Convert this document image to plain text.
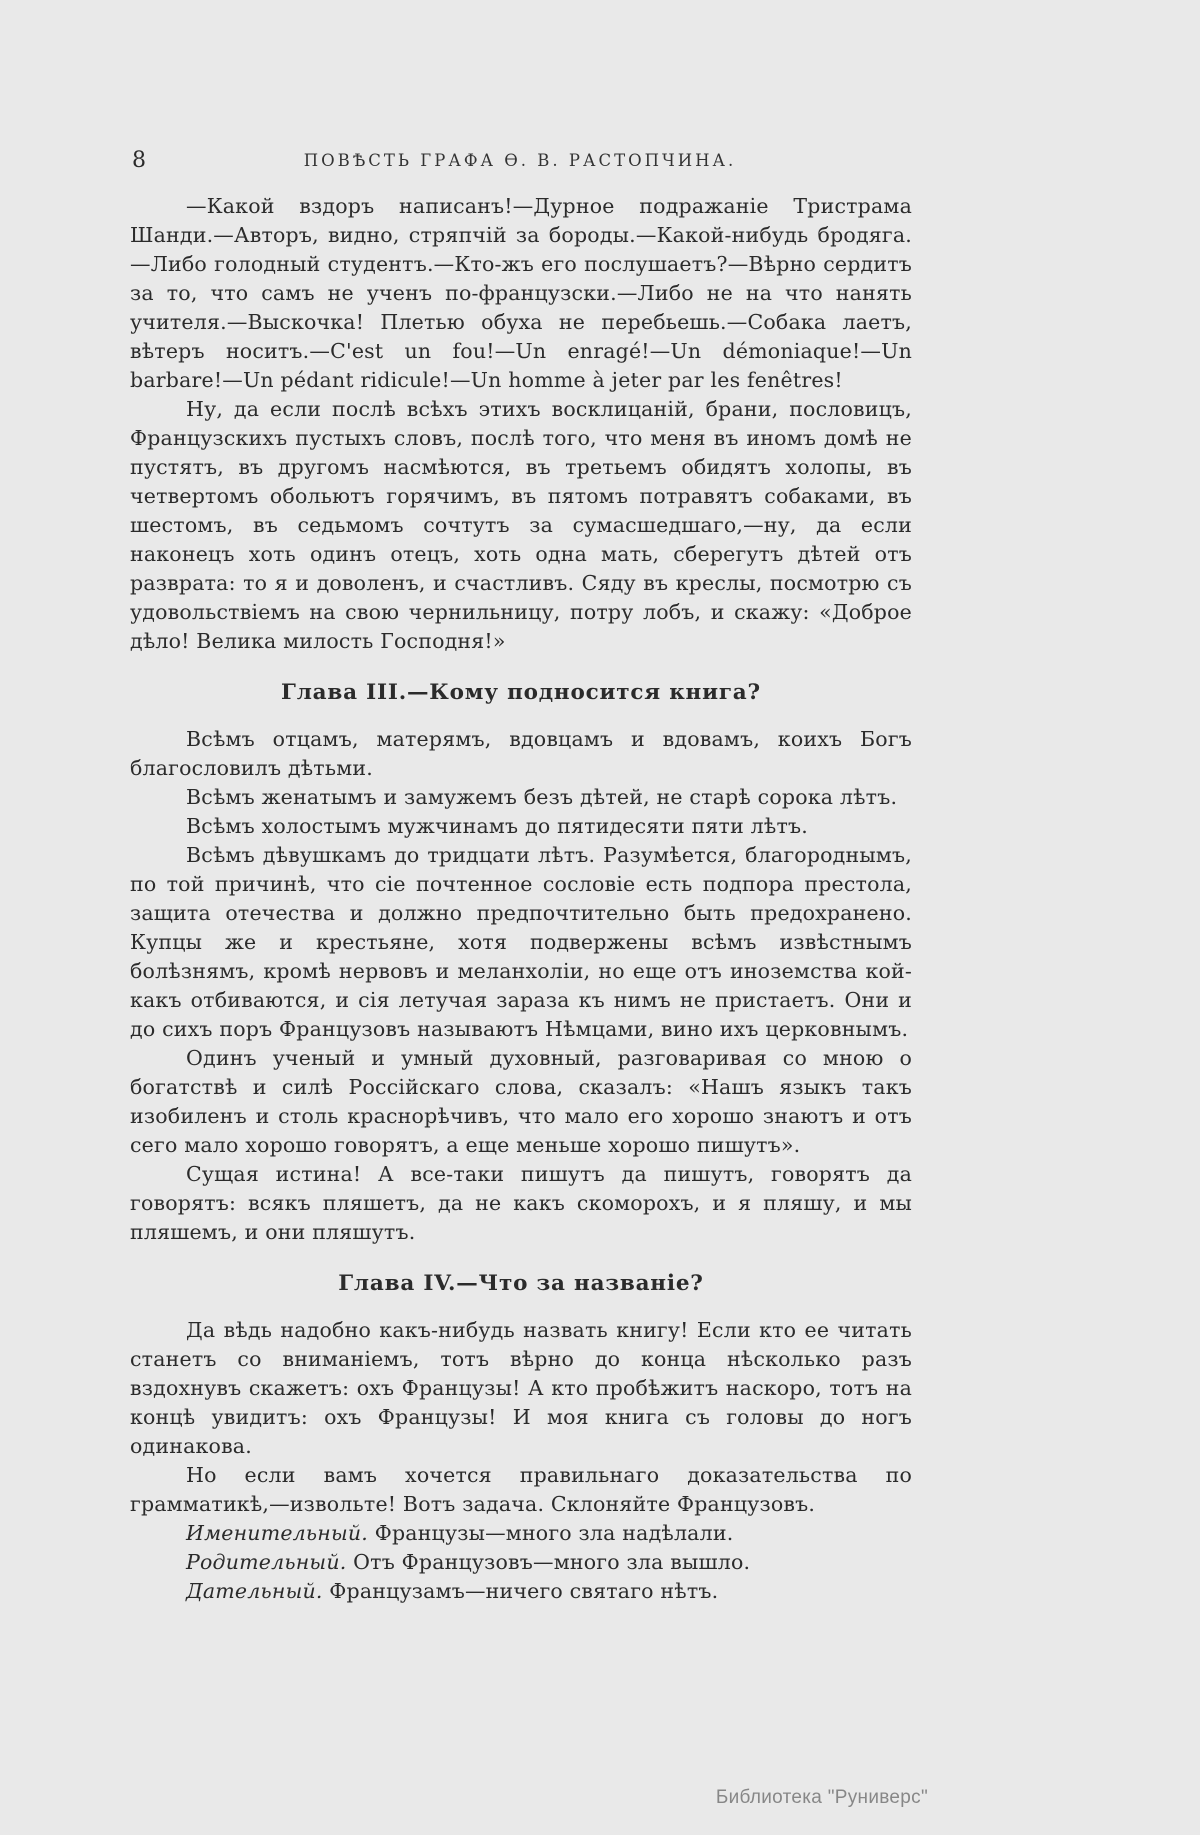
8	ПОВѢСТЬ ГРАФА Ѳ. В. РАСТОПЧИНА.

—Какой вздоръ написанъ!—Дурное подражаніе Тристрама Шанди.—Авторъ, видно, стряпчій за бороды.—Какой-нибудь бродяга.—Либо голодный студентъ.—Кто-жъ его послушаетъ?—Вѣрно сердитъ за то, что самъ не ученъ по-французски.—Либо не на что нанять учителя.—Выскочка! Плетью обуха не перебьешь.—Собака лаетъ, вѣтеръ носитъ.—C'est un fou!—Un enragé!—Un démoniaque!—Un barbare!—Un pédant ridicule!—Un homme à jeter par les fenêtres!

Ну, да если послѣ всѣхъ этихъ восклицаній, брани, пословицъ, Французскихъ пустыхъ словъ, послѣ того, что меня въ иномъ домѣ не пустятъ, въ другомъ насмѣются, въ третьемъ обидятъ холопы, въ четвертомъ обольютъ горячимъ, въ пятомъ потравятъ собаками, въ шестомъ, въ седьмомъ сочтутъ за сумасшедшаго,—ну, да если наконецъ хоть одинъ отецъ, хоть одна мать, сберегутъ дѣтей отъ разврата: то я и доволенъ, и счастливъ. Сяду въ креслы, посмотрю съ удовольствіемъ на свою чернильницу, потру лобъ, и скажу: «Доброе дѣло! Велика милость Господня!»

Глава III.—Кому подносится книга?

Всѣмъ отцамъ, матерямъ, вдовцамъ и вдовамъ, коихъ Богъ благословилъ дѣтьми.

Всѣмъ женатымъ и замужемъ безъ дѣтей, не старѣ сорока лѣтъ.

Всѣмъ холостымъ мужчинамъ до пятидесяти пяти лѣтъ.

Всѣмъ дѣвушкамъ до тридцати лѣтъ. Разумѣется, благороднымъ, по той причинѣ, что сіе почтенное сословіе есть подпора престола, защита отечества и должно предпочтительно быть предохранено. Купцы же и крестьяне, хотя подвержены всѣмъ извѣстнымъ болѣзнямъ, кромѣ нервовъ и меланхоліи, но еще отъ иноземства кой-какъ отбиваются, и сія летучая зараза къ нимъ не пристаетъ. Они и до сихъ поръ Французовъ называютъ Нѣмцами, вино ихъ церковнымъ.

Одинъ ученый и умный духовный, разговаривая со мною о богатствѣ и силѣ Россійскаго слова, сказалъ: «Нашъ языкъ такъ изобиленъ и столь краснорѣчивъ, что мало его хорошо знаютъ и отъ сего мало хорошо говорятъ, а еще меньше хорошо пишутъ».

Сущая истина! А все-таки пишутъ да пишутъ, говорятъ да говорятъ: всякъ пляшетъ, да не какъ скоморохъ, и я пляшу, и мы пляшемъ, и они пляшутъ.

Глава IV.—Что за названіе?

Да вѣдь надобно какъ-нибудь назвать книгу! Если кто ее читать станетъ со вниманіемъ, тотъ вѣрно до конца нѣсколько разъ вздохнувъ скажетъ: охъ Французы! А кто пробѣжитъ наскоро, тотъ на концѣ увидитъ: охъ Французы! И моя книга съ головы до ногъ одинакова.

Но если вамъ хочется правильнаго доказательства по грамматикѣ,—извольте! Вотъ задача. Склоняйте Французовъ.

Именительный. Французы—много зла надѣлали.

Родительный. Отъ Французовъ—много зла вышло.

Дательный. Французамъ—ничего святаго нѣтъ.

Библиотека "Руниверс"
